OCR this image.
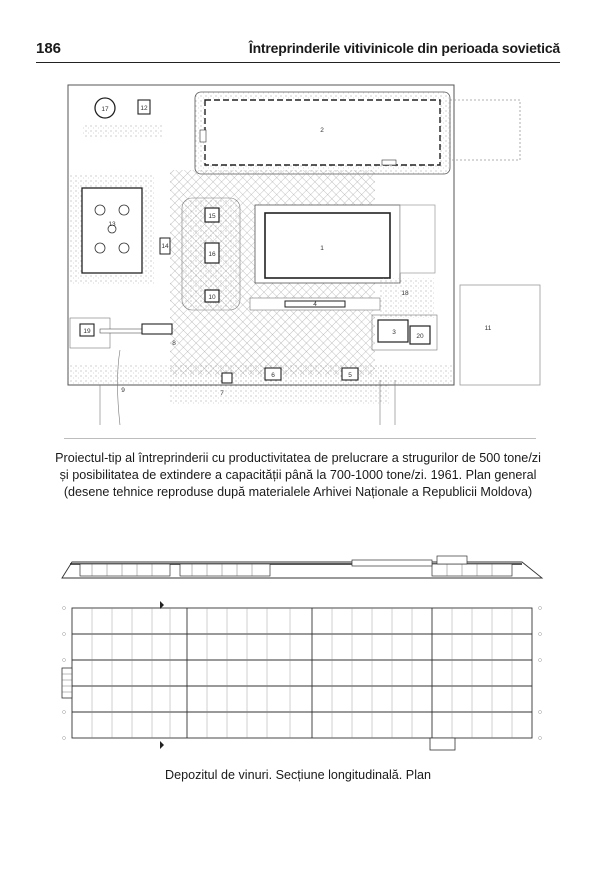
186	Întreprinderile vitivinicole din perioada sovietică
1
2
3
4
5
6
7
8
9
10
11
12
13
14
15
16
17
18
19
20
Proiectul-tip al întreprinderii cu productivitatea de prelucrare a strugurilor de 500 tone/zi
și posibilitatea de extindere a capacității până la 700-1000 tone/zi. 1961. Plan general
(desene tehnice reproduse după materialele Arhivei Naționale a Republicii Moldova)
Depozitul de vinuri. Secțiune longitudinală. Plan
